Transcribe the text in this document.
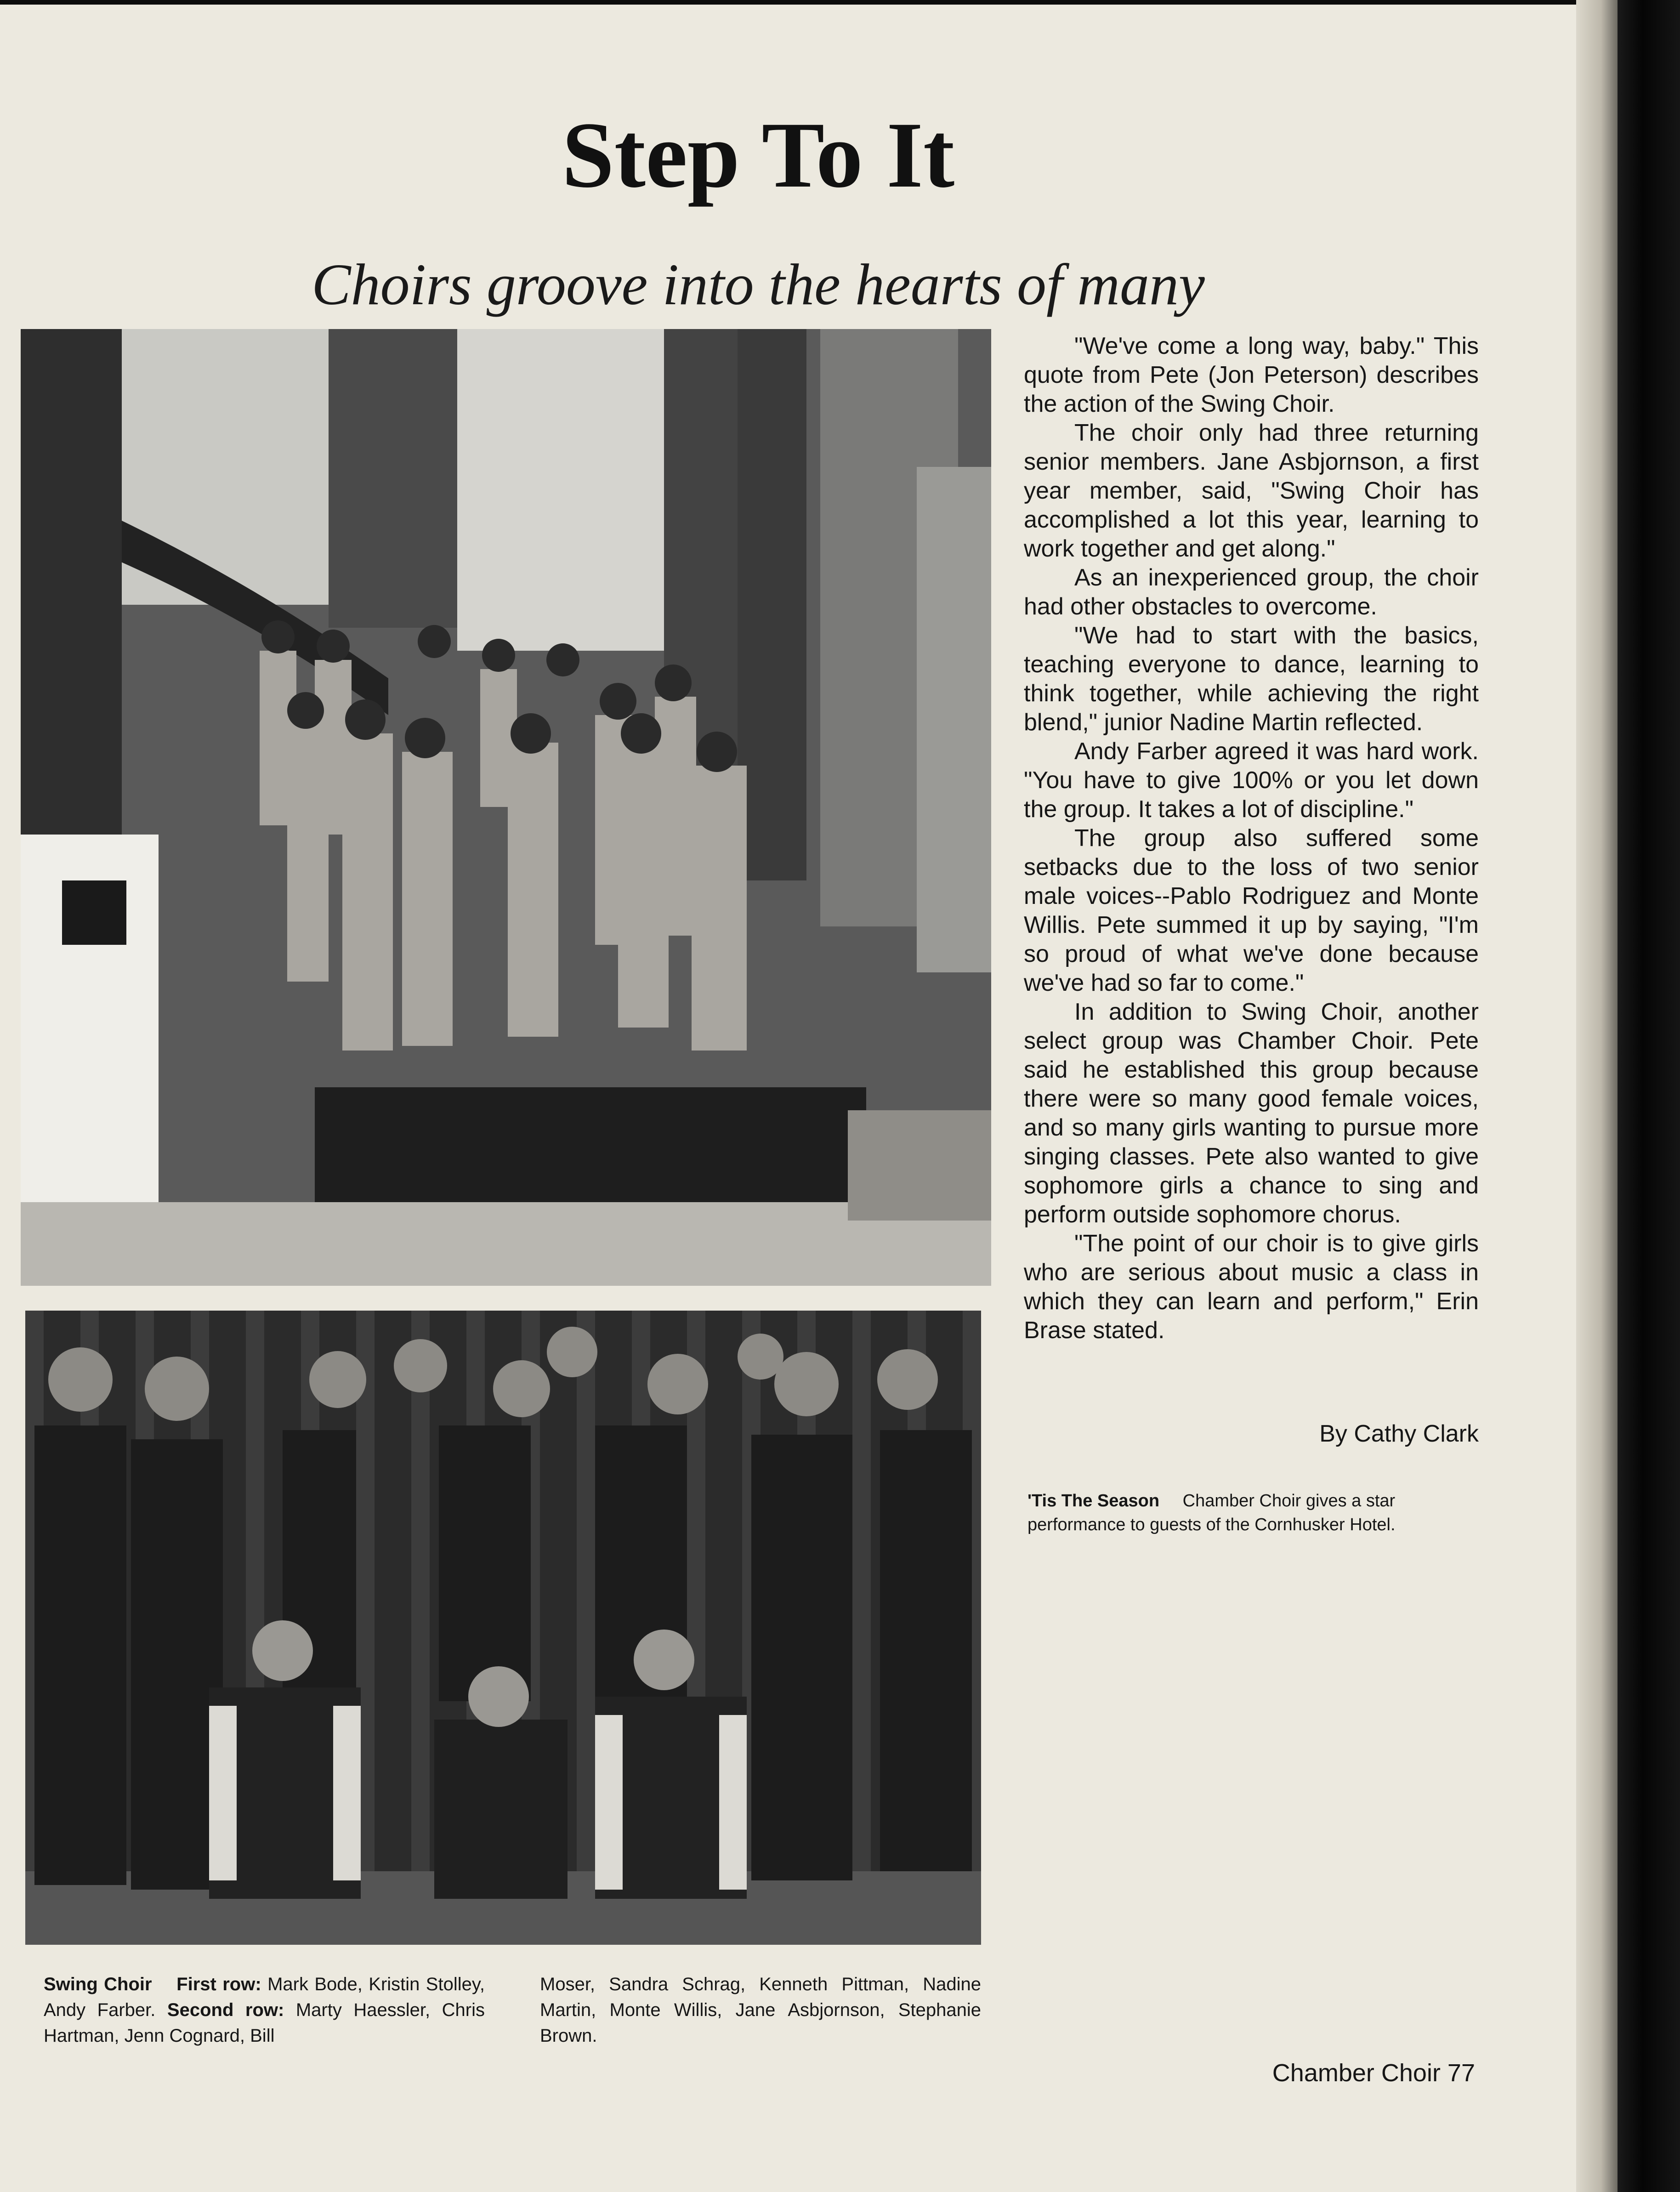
Step To It
Choirs groove into the hearts of many

"We've come a long way, baby." This quote from Pete (Jon Peterson) describes the action of the Swing Choir.

The choir only had three returning senior members. Jane Asbjornson, a first year member, said, "Swing Choir has accomplished a lot this year, learning to work together and get along."

As an inexperienced group, the choir had other obstacles to overcome.

"We had to start with the basics, teaching everyone to dance, learning to think together, while achieving the right blend," junior Nadine Martin reflected.

Andy Farber agreed it was hard work. "You have to give 100% or you let down the group. It takes a lot of discipline."

The group also suffered some setbacks due to the loss of two senior male voices--Pablo Rodriguez and Monte Willis. Pete summed it up by saying, "I'm so proud of what we've done because we've had so far to come."

In addition to Swing Choir, another select group was Chamber Choir. Pete said he established this group because there were so many good female voices, and so many girls wanting to pursue more singing classes. Pete also wanted to give sophomore girls a chance to sing and perform outside sophomore chorus.

"The point of our choir is to give girls who are serious about music a class in which they can learn and perform," Erin Brase stated.

By Cathy Clark
'Tis The Season Chamber Choir gives a star performance to guests of the Cornhusker Hotel.
Swing Choir First row: Mark Bode, Kristin Stolley, Andy Farber. Second row: Marty Haessler, Chris Hartman, Jenn Cognard, Bill
Moser, Sandra Schrag, Kenneth Pittman, Nadine Martin, Monte Willis, Jane Asbjornson, Stephanie Brown.
Chamber Choir 77
